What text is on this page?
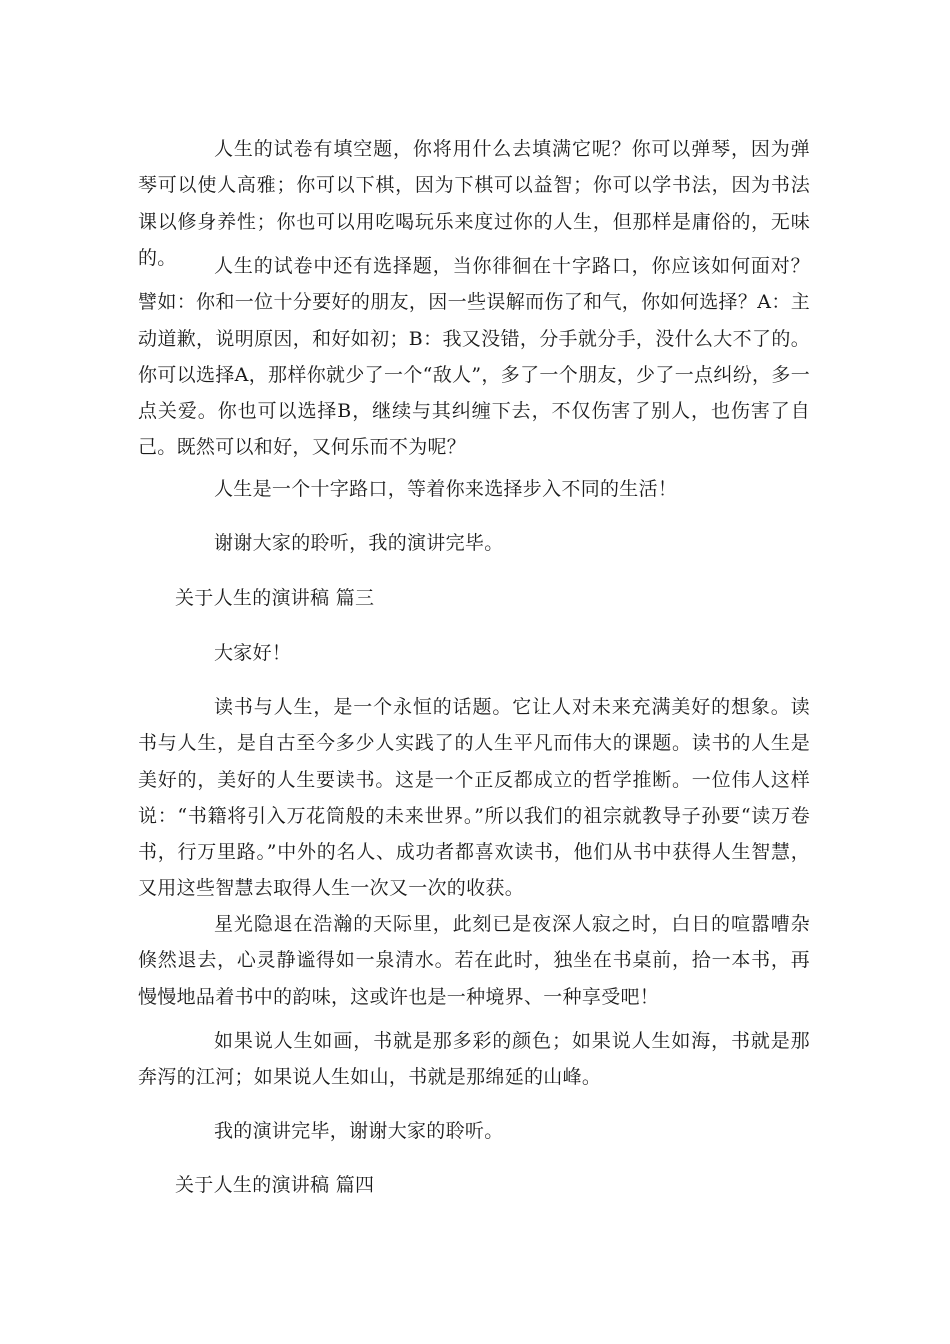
人生的试卷有填空题，你将用什么去填满它呢？你可以弹琴，因为弹琴可以使人高雅；你可以下棋，因为下棋可以益智；你可以学书法，因为书法课以修身养性；你也可以用吃喝玩乐来度过你的人生，但那样是庸俗的，无味的。	人生的试卷中还有选择题，当你徘徊在十字路口，你应该如何面对？譬如：你和一位十分要好的朋友，因一些误解而伤了和气，你如何选择？A：主动道歉，说明原因，和好如初；B：我又没错，分手就分手，没什么大不了的。你可以选择A，那样你就少了一个“敌人”，多了一个朋友，少了一点纠纷，多一点关爱。你也可以选择B，继续与其纠缠下去，不仅伤害了别人，也伤害了自己。既然可以和好，又何乐而不为呢？

人生是一个十字路口，等着你来选择步入不同的生活！

谢谢大家的聆听，我的演讲完毕。

关于人生的演讲稿 篇三

大家好！

读书与人生，是一个永恒的话题。它让人对未来充满美好的想象。读书与人生，是自古至今多少人实践了的人生平凡而伟大的课题。读书的人生是美好的，美好的人生要读书。这是一个正反都成立的哲学推断。一位伟人这样说：“书籍将引入万花筒般的未来世界。”所以我们的祖宗就教导子孙要“读万卷书，行万里路。”中外的名人、成功者都喜欢读书，他们从书中获得人生智慧，又用这些智慧去取得人生一次又一次的收获。

星光隐退在浩瀚的天际里，此刻已是夜深人寂之时，白日的喧嚣嘈杂倏然退去，心灵静谧得如一泉清水。若在此时，独坐在书桌前，拾一本书，再慢慢地品着书中的韵味，这或许也是一种境界、一种享受吧！

如果说人生如画，书就是那多彩的颜色；如果说人生如海，书就是那奔泻的江河；如果说人生如山，书就是那绵延的山峰。

我的演讲完毕，谢谢大家的聆听。

关于人生的演讲稿 篇四
